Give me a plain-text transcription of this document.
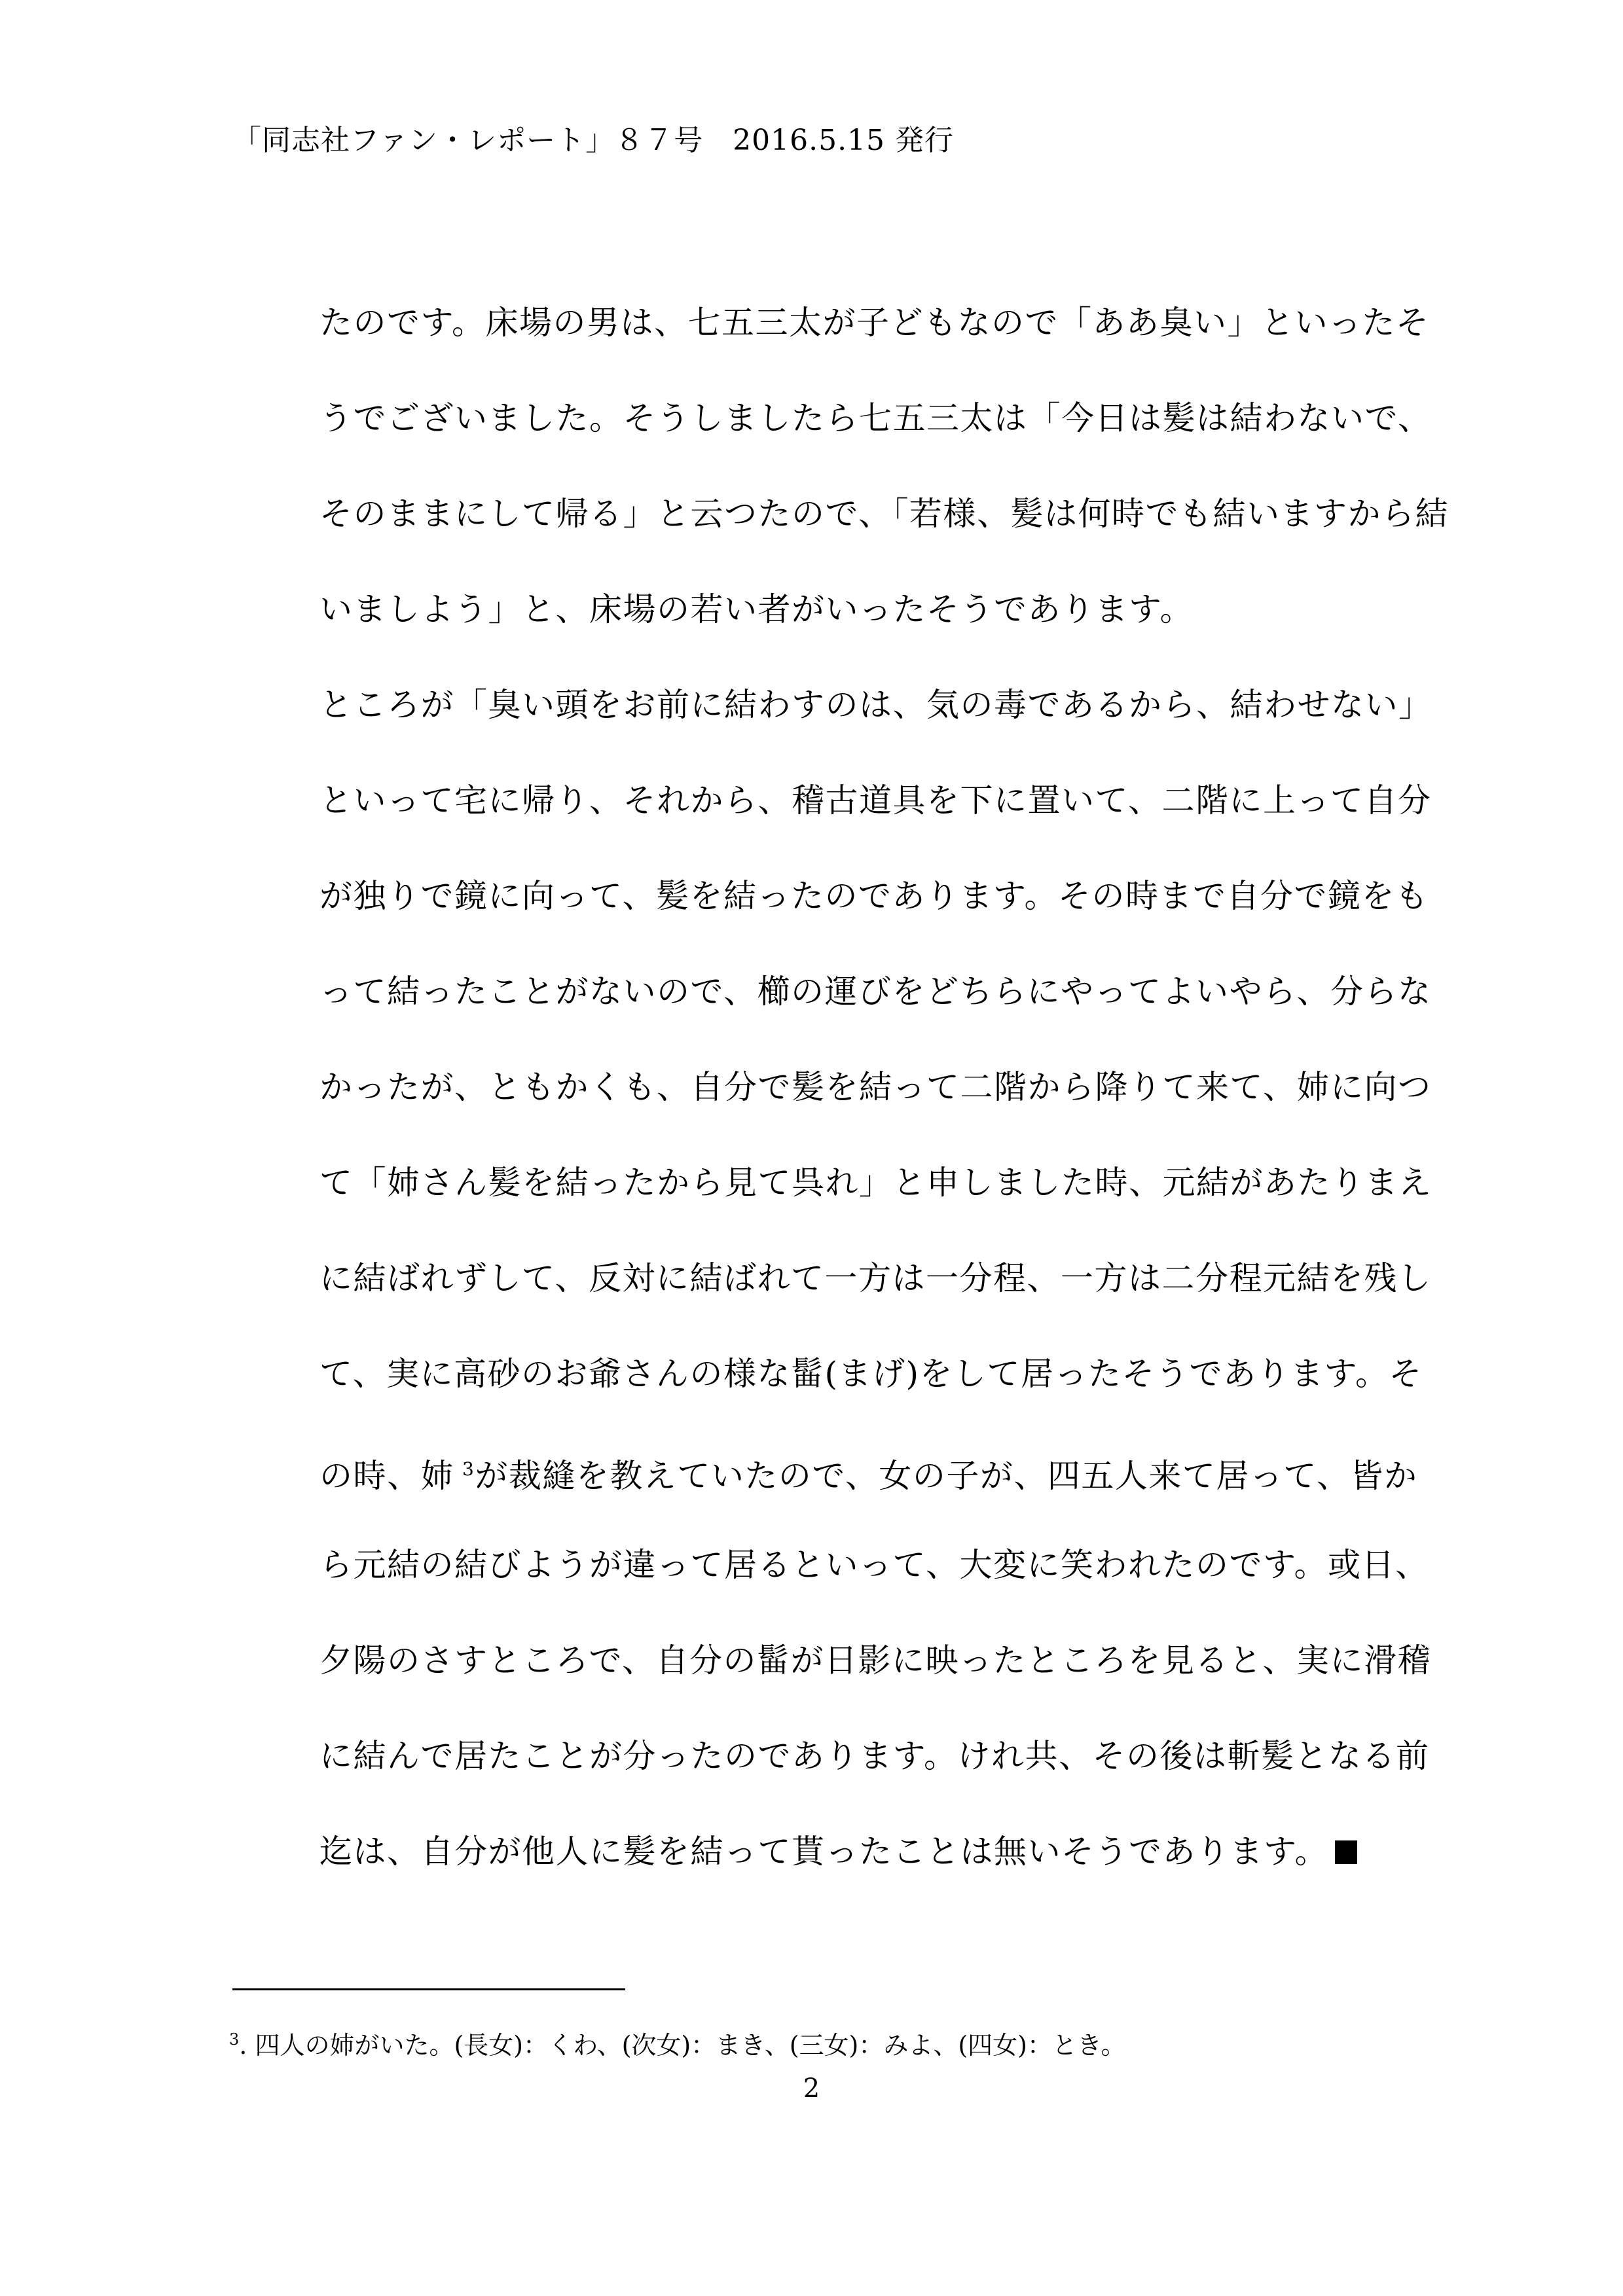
「同志社ファン・レポート」８７号　2016.5.15 発行
たのです。床場の男は、七五三太が子どもなので「ああ臭い」といったそ
うでございました。そうしましたら七五三太は「今日は髪は結わないで、
そのままにして帰る」と云つたので、「若様、髪は何時でも結いますから結
いましよう」と、床場の若い者がいったそうであります。
ところが「臭い頭をお前に結わすのは、気の毒であるから、結わせない」
といって宅に帰り、それから、稽古道具を下に置いて、二階に上って自分
が独りで鏡に向って、髪を結ったのであります。その時まで自分で鏡をも
って結ったことがないので、櫛の運びをどちらにやってよいやら、分らな
かったが、ともかくも、自分で髪を結って二階から降りて来て、姉に向つ
て「姉さん髪を結ったから見て呉れ」と申しました時、元結があたりまえ
に結ばれずして、反対に結ばれて一方は一分程、一方は二分程元結を残し
て、実に高砂のお爺さんの様な髷(まげ)をして居ったそうであります。そ
の時、姉 $^3$が裁縫を教えていたので、女の子が、四五人来て居って、皆か
ら元結の結びようが違って居るといって、大変に笑われたのです。或日、
夕陽のさすところで、自分の髷が日影に映ったところを見ると、実に滑稽
に結んで居たことが分ったのであります。けれ共、その後は斬髪となる前
迄は、自分が他人に髪を結って貰ったことは無いそうであります。
$^3$. 四人の姉がいた。(長女)：くわ、(次女)：まき、(三女)：みよ、(四女)：とき。
2
